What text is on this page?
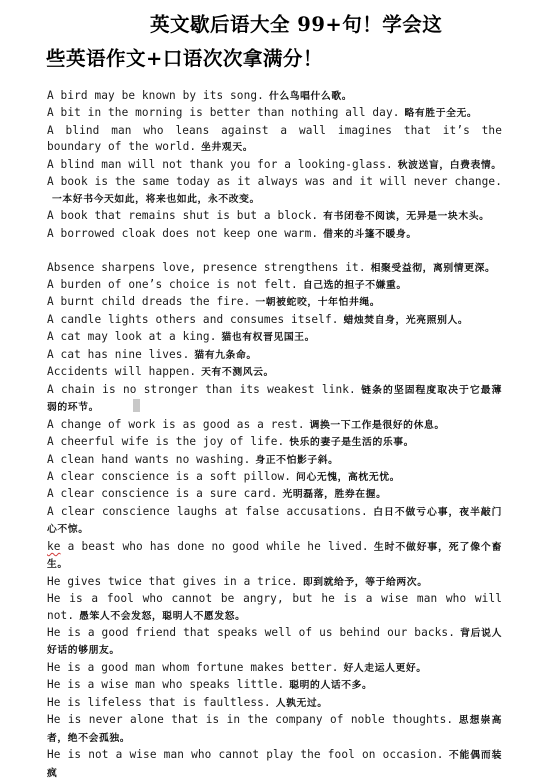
英文歇后语大全 99+句！学会这
些英语作文+口语次次拿满分！

A bird may be known by its song. 什么鸟唱什么歌。

A bit in the morning is better than nothing all day. 略有胜于全无。

A blind man who leans against a wall imagines that it’s the boundary of the world. 坐井观天。

A blind man will not thank you for a looking-glass. 秋波送盲，白费表情。

A book is the same today as it always was and it will never change.一本好书今天如此，将来也如此，永不改变。

A book that remains shut is but a block. 有书闭卷不阅读，无异是一块木头。

A borrowed cloak does not keep one warm. 借来的斗篷不暖身。

Absence sharpens love, presence strengthens it. 相聚受益彻，离别情更深。

A burden of one’s choice is not felt. 自己选的担子不嫌重。

A burnt child dreads the fire. 一朝被蛇咬，十年怕井绳。

A candle lights others and consumes itself. 蜡烛焚自身，光亮照别人。

A cat may look at a king. 猫也有权晋见国王。

A cat has nine lives. 猫有九条命。

Accidents will happen. 天有不测风云。

A chain is no stronger than its weakest link. 链条的坚固程度取决于它最薄弱的环节。

A change of work is as good as a rest. 调换一下工作是很好的休息。

A cheerful wife is the joy of life. 快乐的妻子是生活的乐事。

A clean hand wants no washing. 身正不怕影子斜。

A clear conscience is a soft pillow. 问心无愧，高枕无忧。

A clear conscience is a sure card. 光明磊落，胜券在握。

A clear conscience laughs at false accusations. 白日不做亏心事，夜半敲门心不惊。

ke a beast who has done no good while he lived. 生时不做好事，死了像个畜生。

He gives twice that gives in a trice. 即到就给予，等于给两次。

He is a fool who cannot be angry, but he is a wise man who will not. 愚笨人不会发怒，聪明人不愿发怒。

He is a good friend that speaks well of us behind our backs. 背后说人好话的够朋友。

He is a good man whom fortune makes better. 好人走运人更好。

He is a wise man who speaks little. 聪明的人话不多。

He is lifeless that is faultless. 人孰无过。

He is never alone that is in the company of noble thoughts. 思想崇高者，绝不会孤独。

He is not a wise man who cannot play the fool on occasion. 不能偶而装疯
